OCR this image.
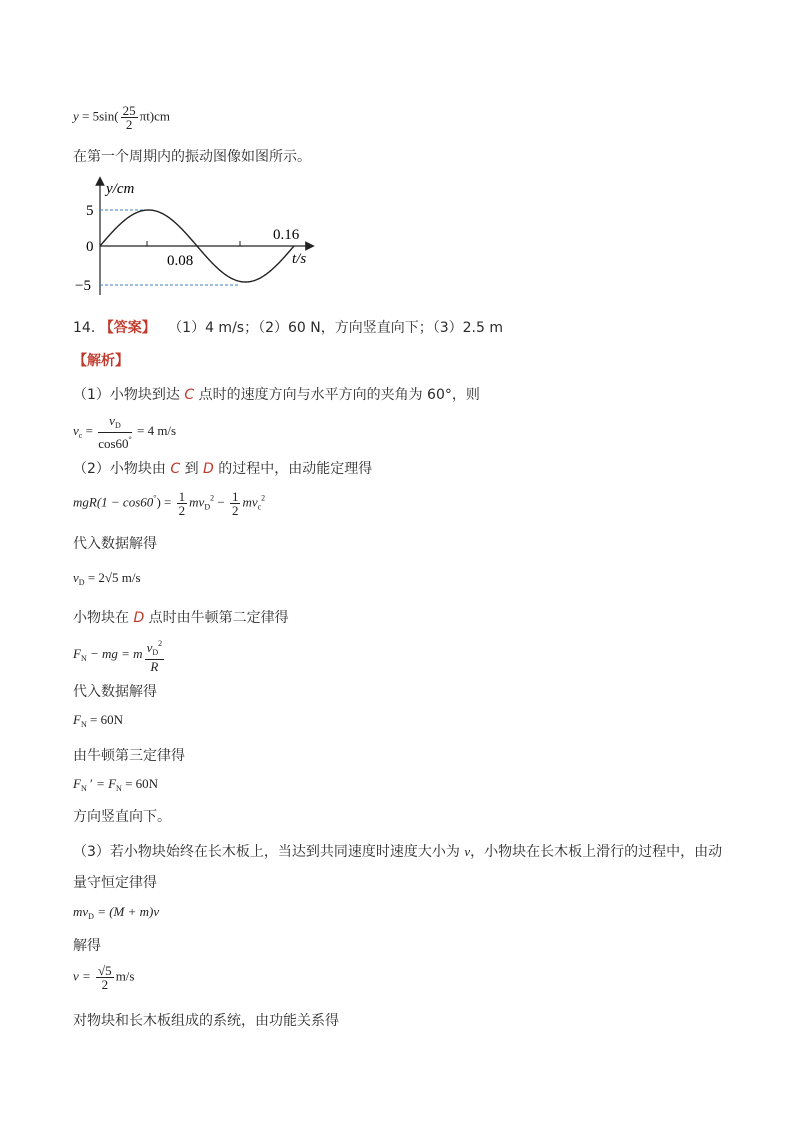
$y = 5\sin( \frac{25}{2} \pi t)cm$
在第一个周期内的振动图像如图所示。
y/cm
5
0
−5
0.08
0.16
t/s
14. 【答案】 （1）4 m/s；（2）60 N，方向竖直向下；（3）2.5 m
【解析】
（1）小物块到达 C 点时的速度方向与水平方向的夹角为 60°，则
$v_c = \frac{v_D}{\cos 60^\circ} = 4$ m/s
（2）小物块由 C 到 D 的过程中，由动能定理得
$mgR(1 - \cos 60^\circ) = \frac{1}{2} mv_D^2 - \frac{1}{2} mv_c^2$
代入数据解得
$v_D = 2√5$ m/s
小物块在 D 点时由牛顿第二定律得
$F_N$ − mg = m $\frac{v_D^2}{R}$
代入数据解得
$F_N = 60N$
由牛顿第三定律得
$F_N$ ′ = $F_N = 60N$
方向竖直向下。
（3）若小物块始终在长木板上，当达到共同速度时速度大小为 v，小物块在长木板上滑行的过程中，由动
量守恒定律得
$mv_D = (M + m)v$
解得
$v = \frac{√5}{2} m/s$
对物块和长木板组成的系统，由功能关系得
